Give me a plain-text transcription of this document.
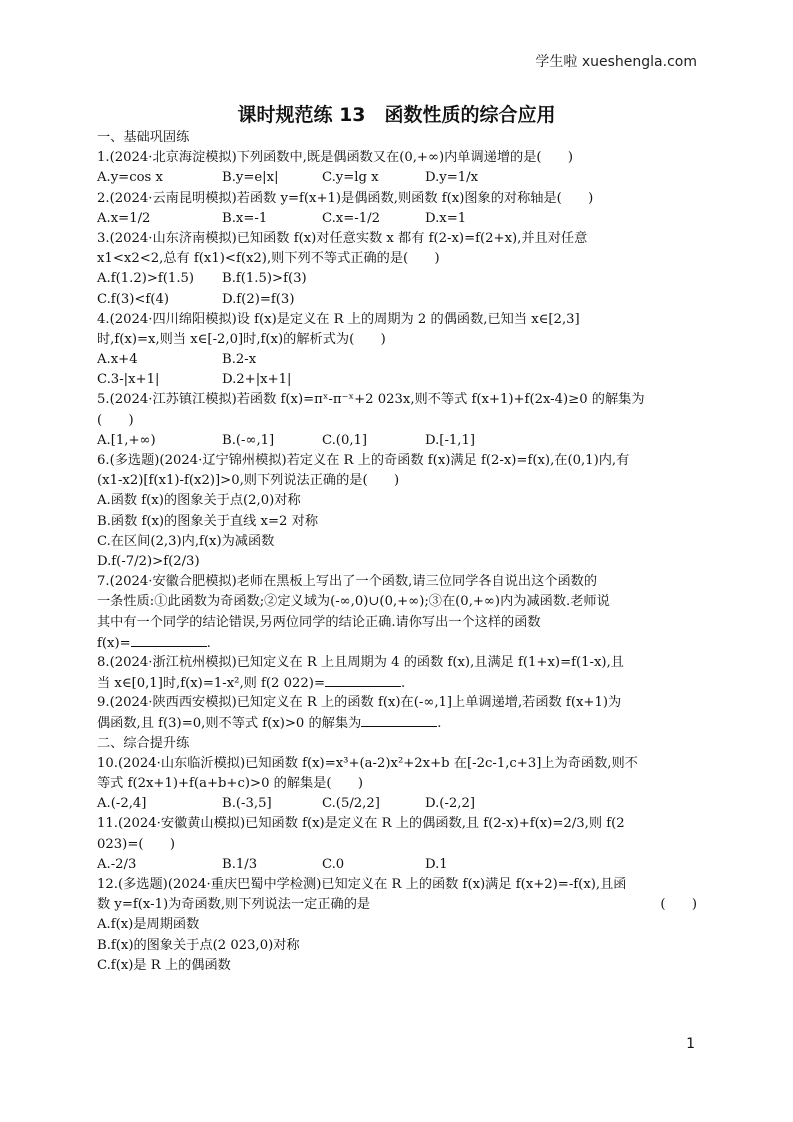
学生啦 xueshengla.com
课时规范练 13　函数性质的综合应用
一、基础巩固练
1.(2024·北京海淀模拟)下列函数中,既是偶函数又在(0,+∞)内单调递增的是(　　)
A.y=cos x	B.y=e|x|	C.y=lg x	D.y=1/x
2.(2024·云南昆明模拟)若函数 y=f(x+1)是偶函数,则函数 f(x)图象的对称轴是(　　)
A.x=1/2	B.x=-1	C.x=-1/2	D.x=1
3.(2024·山东济南模拟)已知函数 f(x)对任意实数 x 都有 f(2-x)=f(2+x),并且对任意
x1<x2<2,总有 f(x1)<f(x2),则下列不等式正确的是(　　)
A.f(1.2)>f(1.5)	B.f(1.5)>f(3)
C.f(3)<f(4)	D.f(2)=f(3)
4.(2024·四川绵阳模拟)设 f(x)是定义在 R 上的周期为 2 的偶函数,已知当 x∈[2,3]
时,f(x)=x,则当 x∈[-2,0]时,f(x)的解析式为(　　)
A.x+4	B.2-x
C.3-|x+1|	D.2+|x+1|
5.(2024·江苏镇江模拟)若函数 f(x)=πˣ-π⁻ˣ+2 023x,则不等式 f(x+1)+f(2x-4)≥0 的解集为
(　　)
A.[1,+∞)	B.(-∞,1]	C.(0,1]	D.[-1,1]
6.(多选题)(2024·辽宁锦州模拟)若定义在 R 上的奇函数 f(x)满足 f(2-x)=f(x),在(0,1)内,有
(x1-x2)[f(x1)-f(x2)]>0,则下列说法正确的是(　　)
A.函数 f(x)的图象关于点(2,0)对称
B.函数 f(x)的图象关于直线 x=2 对称
C.在区间(2,3)内,f(x)为减函数
D.f(-7/2)>f(2/3)
7.(2024·安徽合肥模拟)老师在黑板上写出了一个函数,请三位同学各自说出这个函数的
一条性质:①此函数为奇函数;②定义域为(-∞,0)∪(0,+∞);③在(0,+∞)内为减函数.老师说
其中有一个同学的结论错误,另两位同学的结论正确.请你写出一个这样的函数
f(x)=	.
8.(2024·浙江杭州模拟)已知定义在 R 上且周期为 4 的函数 f(x),且满足 f(1+x)=f(1-x),且
当 x∈[0,1]时,f(x)=1-x²,则 f(2 022)=	.
9.(2024·陕西西安模拟)已知定义在 R 上的函数 f(x)在(-∞,1]上单调递增,若函数 f(x+1)为
偶函数,且 f(3)=0,则不等式 f(x)>0 的解集为	.
二、综合提升练
10.(2024·山东临沂模拟)已知函数 f(x)=x³+(a-2)x²+2x+b 在[-2c-1,c+3]上为奇函数,则不
等式 f(2x+1)+f(a+b+c)>0 的解集是(　　)
A.(-2,4]	B.(-3,5]	C.(5/2,2]	D.(-2,2]
11.(2024·安徽黄山模拟)已知函数 f(x)是定义在 R 上的偶函数,且 f(2-x)+f(x)=2/3,则 f(2
023)=(　　)
A.-2/3	B.1/3	C.0	D.1
12.(多选题)(2024·重庆巴蜀中学检测)已知定义在 R 上的函数 f(x)满足 f(x+2)=-f(x),且函
数 y=f(x-1)为奇函数,则下列说法一定正确的是	(　　)
A.f(x)是周期函数
B.f(x)的图象关于点(2 023,0)对称
C.f(x)是 R 上的偶函数
1
